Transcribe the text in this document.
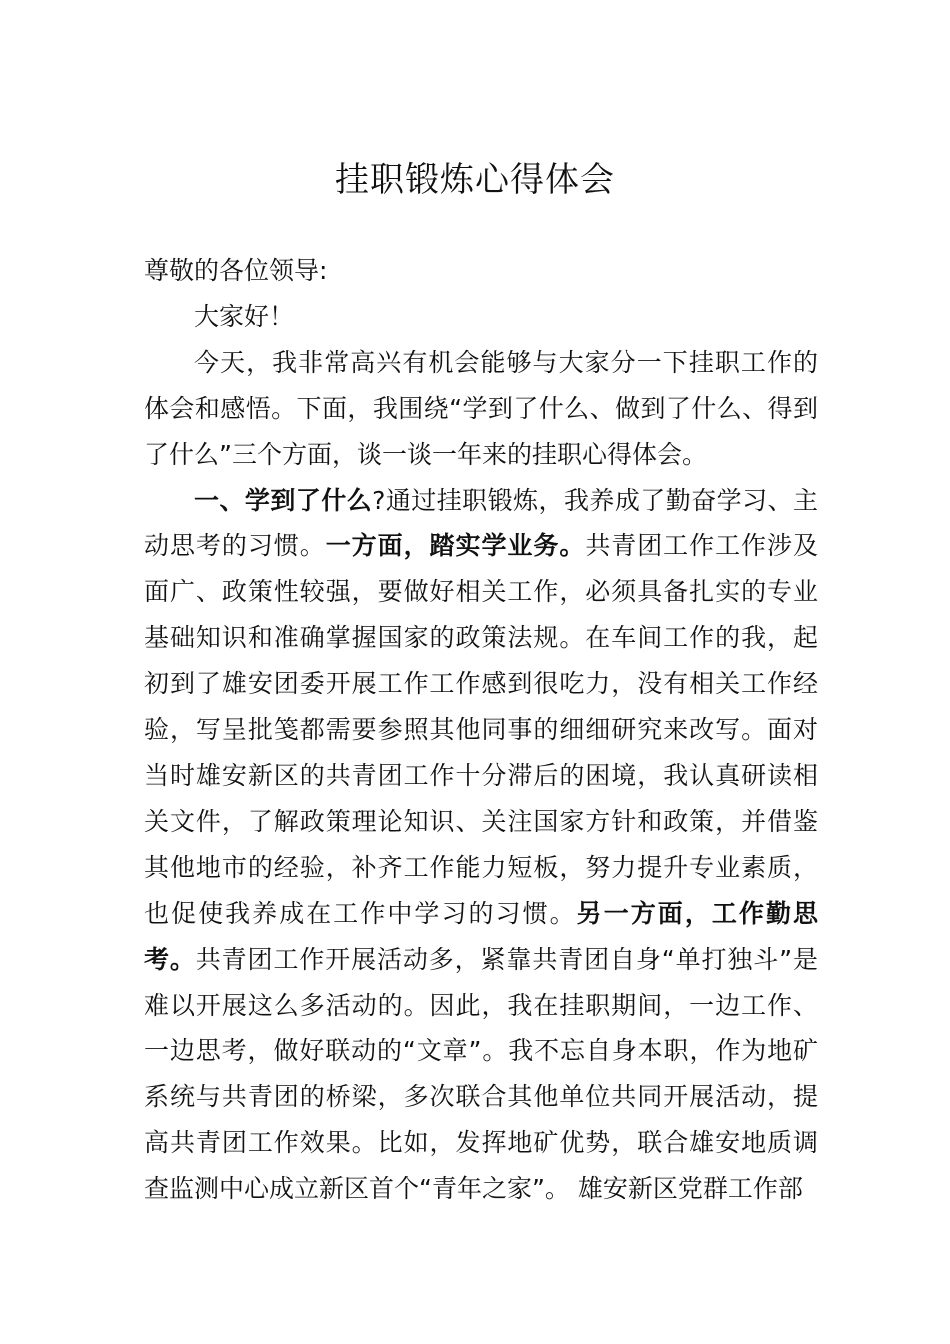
挂职锻炼心得体会

尊敬的各位领导:

大家好！

今天，我非常高兴有机会能够与大家分一下挂职工作的体会和感悟。下面，我围绕“学到了什么、做到了什么、得到了什么”三个方面，谈一谈一年来的挂职心得体会。

一、学到了什么?通过挂职锻炼，我养成了勤奋学习、主动思考的习惯。一方面，踏实学业务。共青团工作工作涉及面广、政策性较强，要做好相关工作，必须具备扎实的专业基础知识和准确掌握国家的政策法规。在车间工作的我，起初到了雄安团委开展工作工作感到很吃力，没有相关工作经验，写呈批笺都需要参照其他同事的细细研究来改写。面对当时雄安新区的共青团工作十分滞后的困境，我认真研读相关文件，了解政策理论知识、关注国家方针和政策，并借鉴其他地市的经验，补齐工作能力短板，努力提升专业素质， 也促使我养成在工作中学习的习惯。另一方面，工作勤思考。共青团工作开展活动多，紧靠共青团自身“单打独斗”是难以开展这么多活动的。因此，我在挂职期间，一边工作、一边思考，做好联动的“文章”。我不忘自身本职，作为地矿系统与共青团的桥梁，多次联合其他单位共同开展活动，提高共青团工作效果。比如，发挥地矿优势，联合雄安地质调查监测中心成立新区首个“青年之家”。 雄安新区党群工作部
